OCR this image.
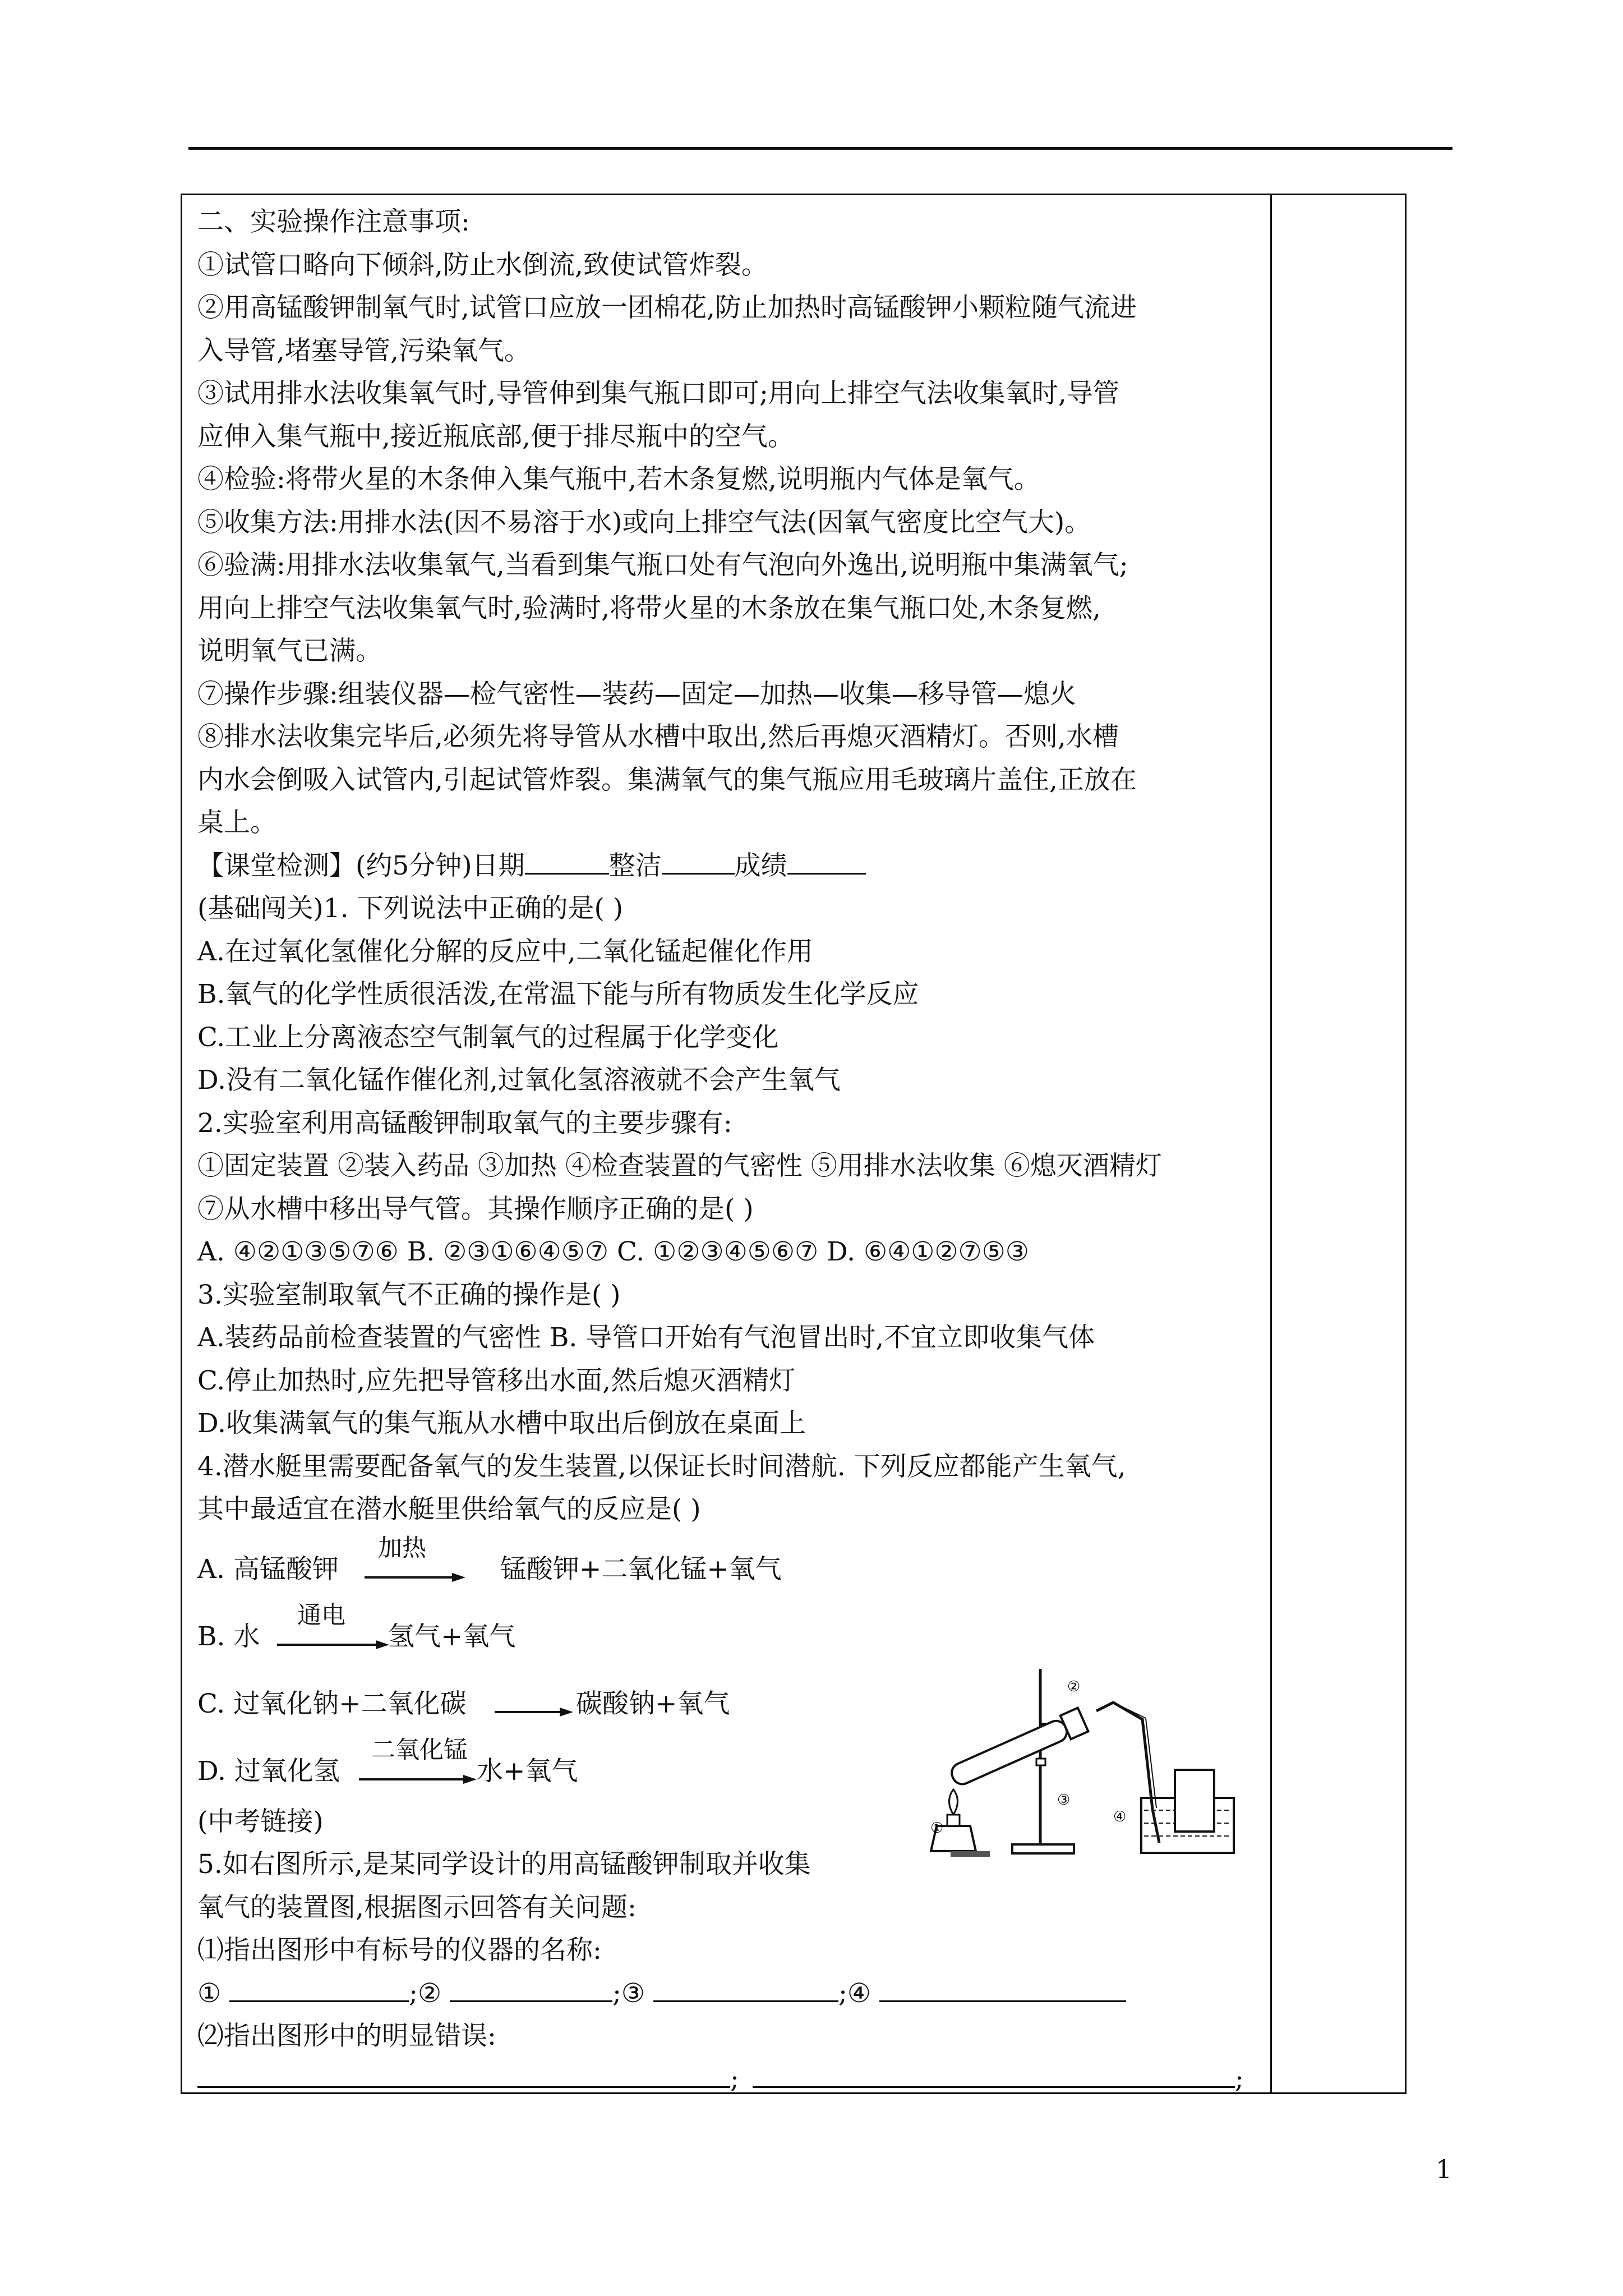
二、实验操作注意事项:
①试管口略向下倾斜,防止水倒流,致使试管炸裂。
②用高锰酸钾制氧气时,试管口应放一团棉花,防止加热时高锰酸钾小颗粒随气流进
入导管,堵塞导管,污染氧气。
③试用排水法收集氧气时,导管伸到集气瓶口即可;用向上排空气法收集氧时,导管
应伸入集气瓶中,接近瓶底部,便于排尽瓶中的空气。
④检验:将带火星的木条伸入集气瓶中,若木条复燃,说明瓶内气体是氧气。
⑤收集方法:用排水法(因不易溶于水)或向上排空气法(因氧气密度比空气大)。
⑥验满:用排水法收集氧气,当看到集气瓶口处有气泡向外逸出,说明瓶中集满氧气;
用向上排空气法收集氧气时,验满时,将带火星的木条放在集气瓶口处,木条复燃,
说明氧气已满。
⑦操作步骤:组装仪器—检气密性—装药—固定—加热—收集—移导管—熄火
⑧排水法收集完毕后,必须先将导管从水槽中取出,然后再熄灭酒精灯。否则,水槽
内水会倒吸入试管内,引起试管炸裂。集满氧气的集气瓶应用毛玻璃片盖住,正放在
桌上。
【课堂检测】(约5分钟)日期	整洁	成绩
(基础闯关)1. 下列说法中正确的是( )
A.在过氧化氢催化分解的反应中,二氧化锰起催化作用
B.氧气的化学性质很活泼,在常温下能与所有物质发生化学反应
C.工业上分离液态空气制氧气的过程属于化学变化
D.没有二氧化锰作催化剂,过氧化氢溶液就不会产生氧气
2.实验室利用高锰酸钾制取氧气的主要步骤有:
①固定装置 ②装入药品 ③加热 ④检查装置的气密性 ⑤用排水法收集 ⑥熄灭酒精灯
⑦从水槽中移出导气管。其操作顺序正确的是( )
A. ④②①③⑤⑦⑥ B. ②③①⑥④⑤⑦ C. ①②③④⑤⑥⑦ D. ⑥④①②⑦⑤③
3.实验室制取氧气不正确的操作是( )
A.装药品前检查装置的气密性 B. 导管口开始有气泡冒出时,不宜立即收集气体
C.停止加热时,应先把导管移出水面,然后熄灭酒精灯
D.收集满氧气的集气瓶从水槽中取出后倒放在桌面上
4.潜水艇里需要配备氧气的发生装置,以保证长时间潜航. 下列反应都能产生氧气,
其中最适宜在潜水艇里供给氧气的反应是( )
A. 高锰酸钾
加热
→ 锰酸钾+二氧化锰+氧气
B. 水
通电
氢气+氧气
C. 过氧化钠+二氧化碳 → 碳酸钠+氧气
D. 过氧化氢
二氧化锰
水+氧气
(中考链接)
5.如右图所示,是某同学设计的用高锰酸钾制取并收集
氧气的装置图,根据图示回答有关问题:
⑴指出图形中有标号的仪器的名称:
①	;②	;③	;④
⑵指出图形中的明显错误:
;	;
①
②
③
④
1
